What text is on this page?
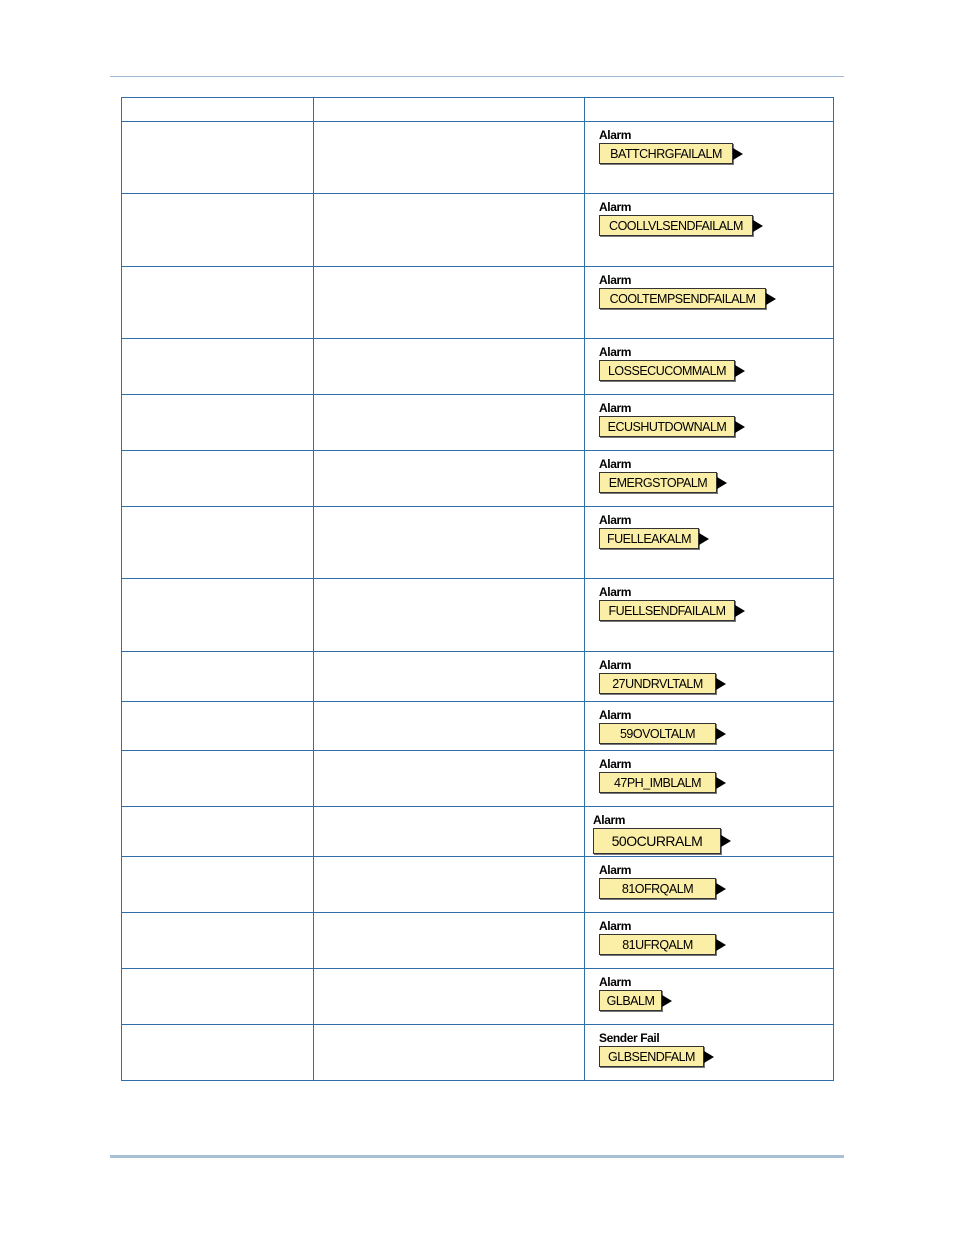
		Alarm
BATTCHRGFAILALM

		Alarm
COOLLVLSENDFAILALM

		Alarm
COOLTEMPSENDFAILALM

		Alarm
LOSSECUCOMMALM

		Alarm
ECUSHUTDOWNALM

		Alarm
EMERGSTOPALM

		Alarm
FUELLEAKALM

		Alarm
FUELLSENDFAILALM

		Alarm
27UNDRVLTALM

		Alarm
59OVOLTALM

		Alarm
47PH_IMBLALM

		Alarm
50OCURRALM

		Alarm
81OFRQALM

		Alarm
81UFRQALM

		Alarm
GLBALM

		Sender Fail
GLBSENDFALM
